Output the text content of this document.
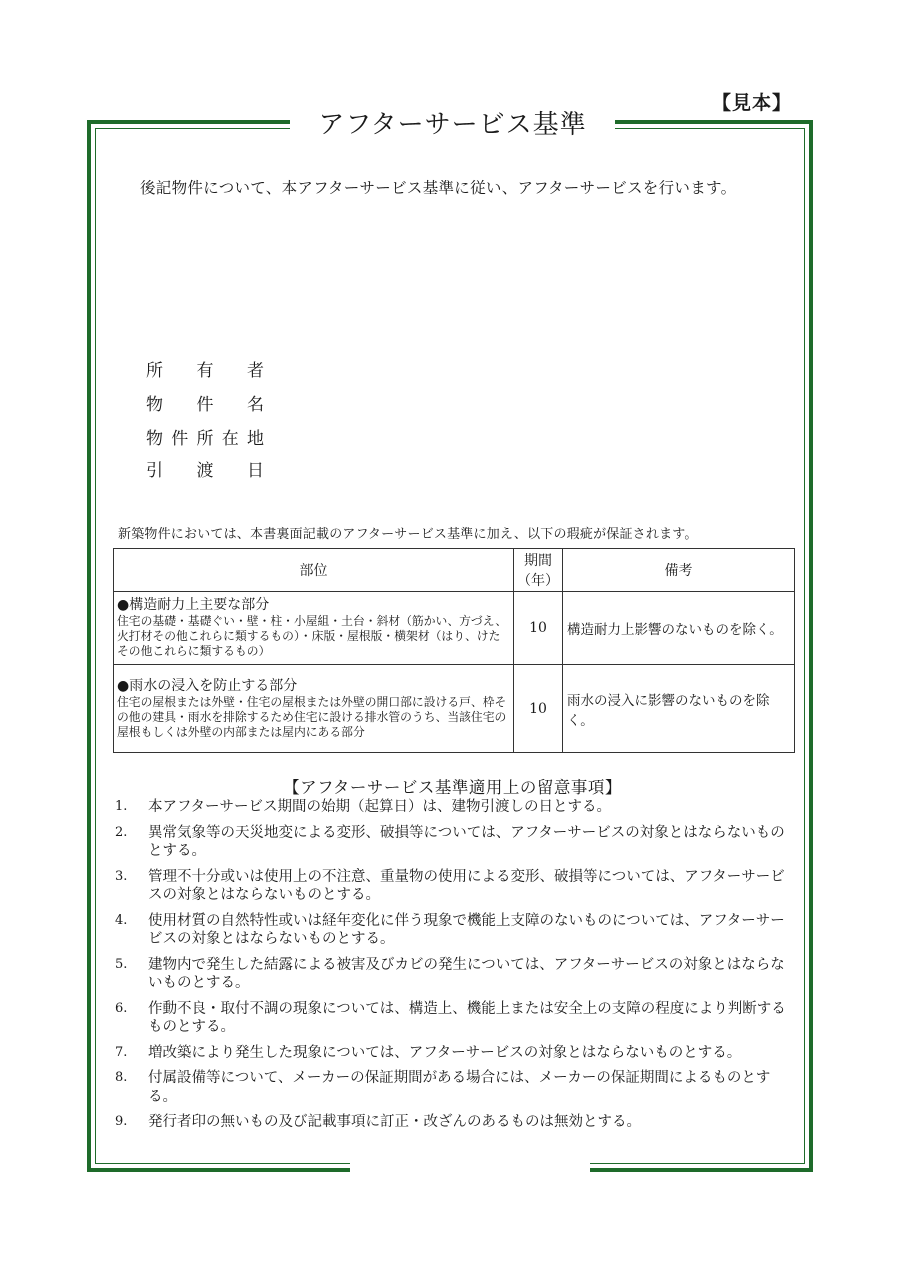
【見本】
アフターサービス基準
後記物件について、本アフターサービス基準に従い、アフターサービスを行います。
所有者
物件名
物件所在地
引渡日
新築物件においては、本書裏面記載のアフターサービス基準に加え、以下の瑕疵が保証されます。
部位	期間（年）	備考

●構造耐力上主要な部分
住宅の基礎・基礎ぐい・壁・柱・小屋組・土台・斜材（筋かい、方づえ、火打材その他これらに類するもの）・床版・屋根版・横架材（はり、けたその他これらに類するもの）	10	構造耐力上影響のないものを除く。

●雨水の浸入を防止する部分
住宅の屋根または外壁・住宅の屋根または外壁の開口部に設ける戸、枠その他の建具・雨水を排除するため住宅に設ける排水管のうち、当該住宅の屋根もしくは外壁の内部または屋内にある部分	10	雨水の浸入に影響のないものを除く。
【アフターサービス基準適用上の留意事項】
1. 本アフターサービス期間の始期（起算日）は、建物引渡しの日とする。
2. 異常気象等の天災地変による変形、破損等については、アフターサービスの対象とはならないものとする。
3. 管理不十分或いは使用上の不注意、重量物の使用による変形、破損等については、アフターサービスの対象とはならないものとする。
4. 使用材質の自然特性或いは経年変化に伴う現象で機能上支障のないものについては、アフターサービスの対象とはならないものとする。
5. 建物内で発生した結露による被害及びカビの発生については、アフターサービスの対象とはならないものとする。
6. 作動不良・取付不調の現象については、構造上、機能上または安全上の支障の程度により判断するものとする。
7. 増改築により発生した現象については、アフターサービスの対象とはならないものとする。
8. 付属設備等について、メーカーの保証期間がある場合には、メーカーの保証期間によるものとする。
9. 発行者印の無いもの及び記載事項に訂正・改ざんのあるものは無効とする。
